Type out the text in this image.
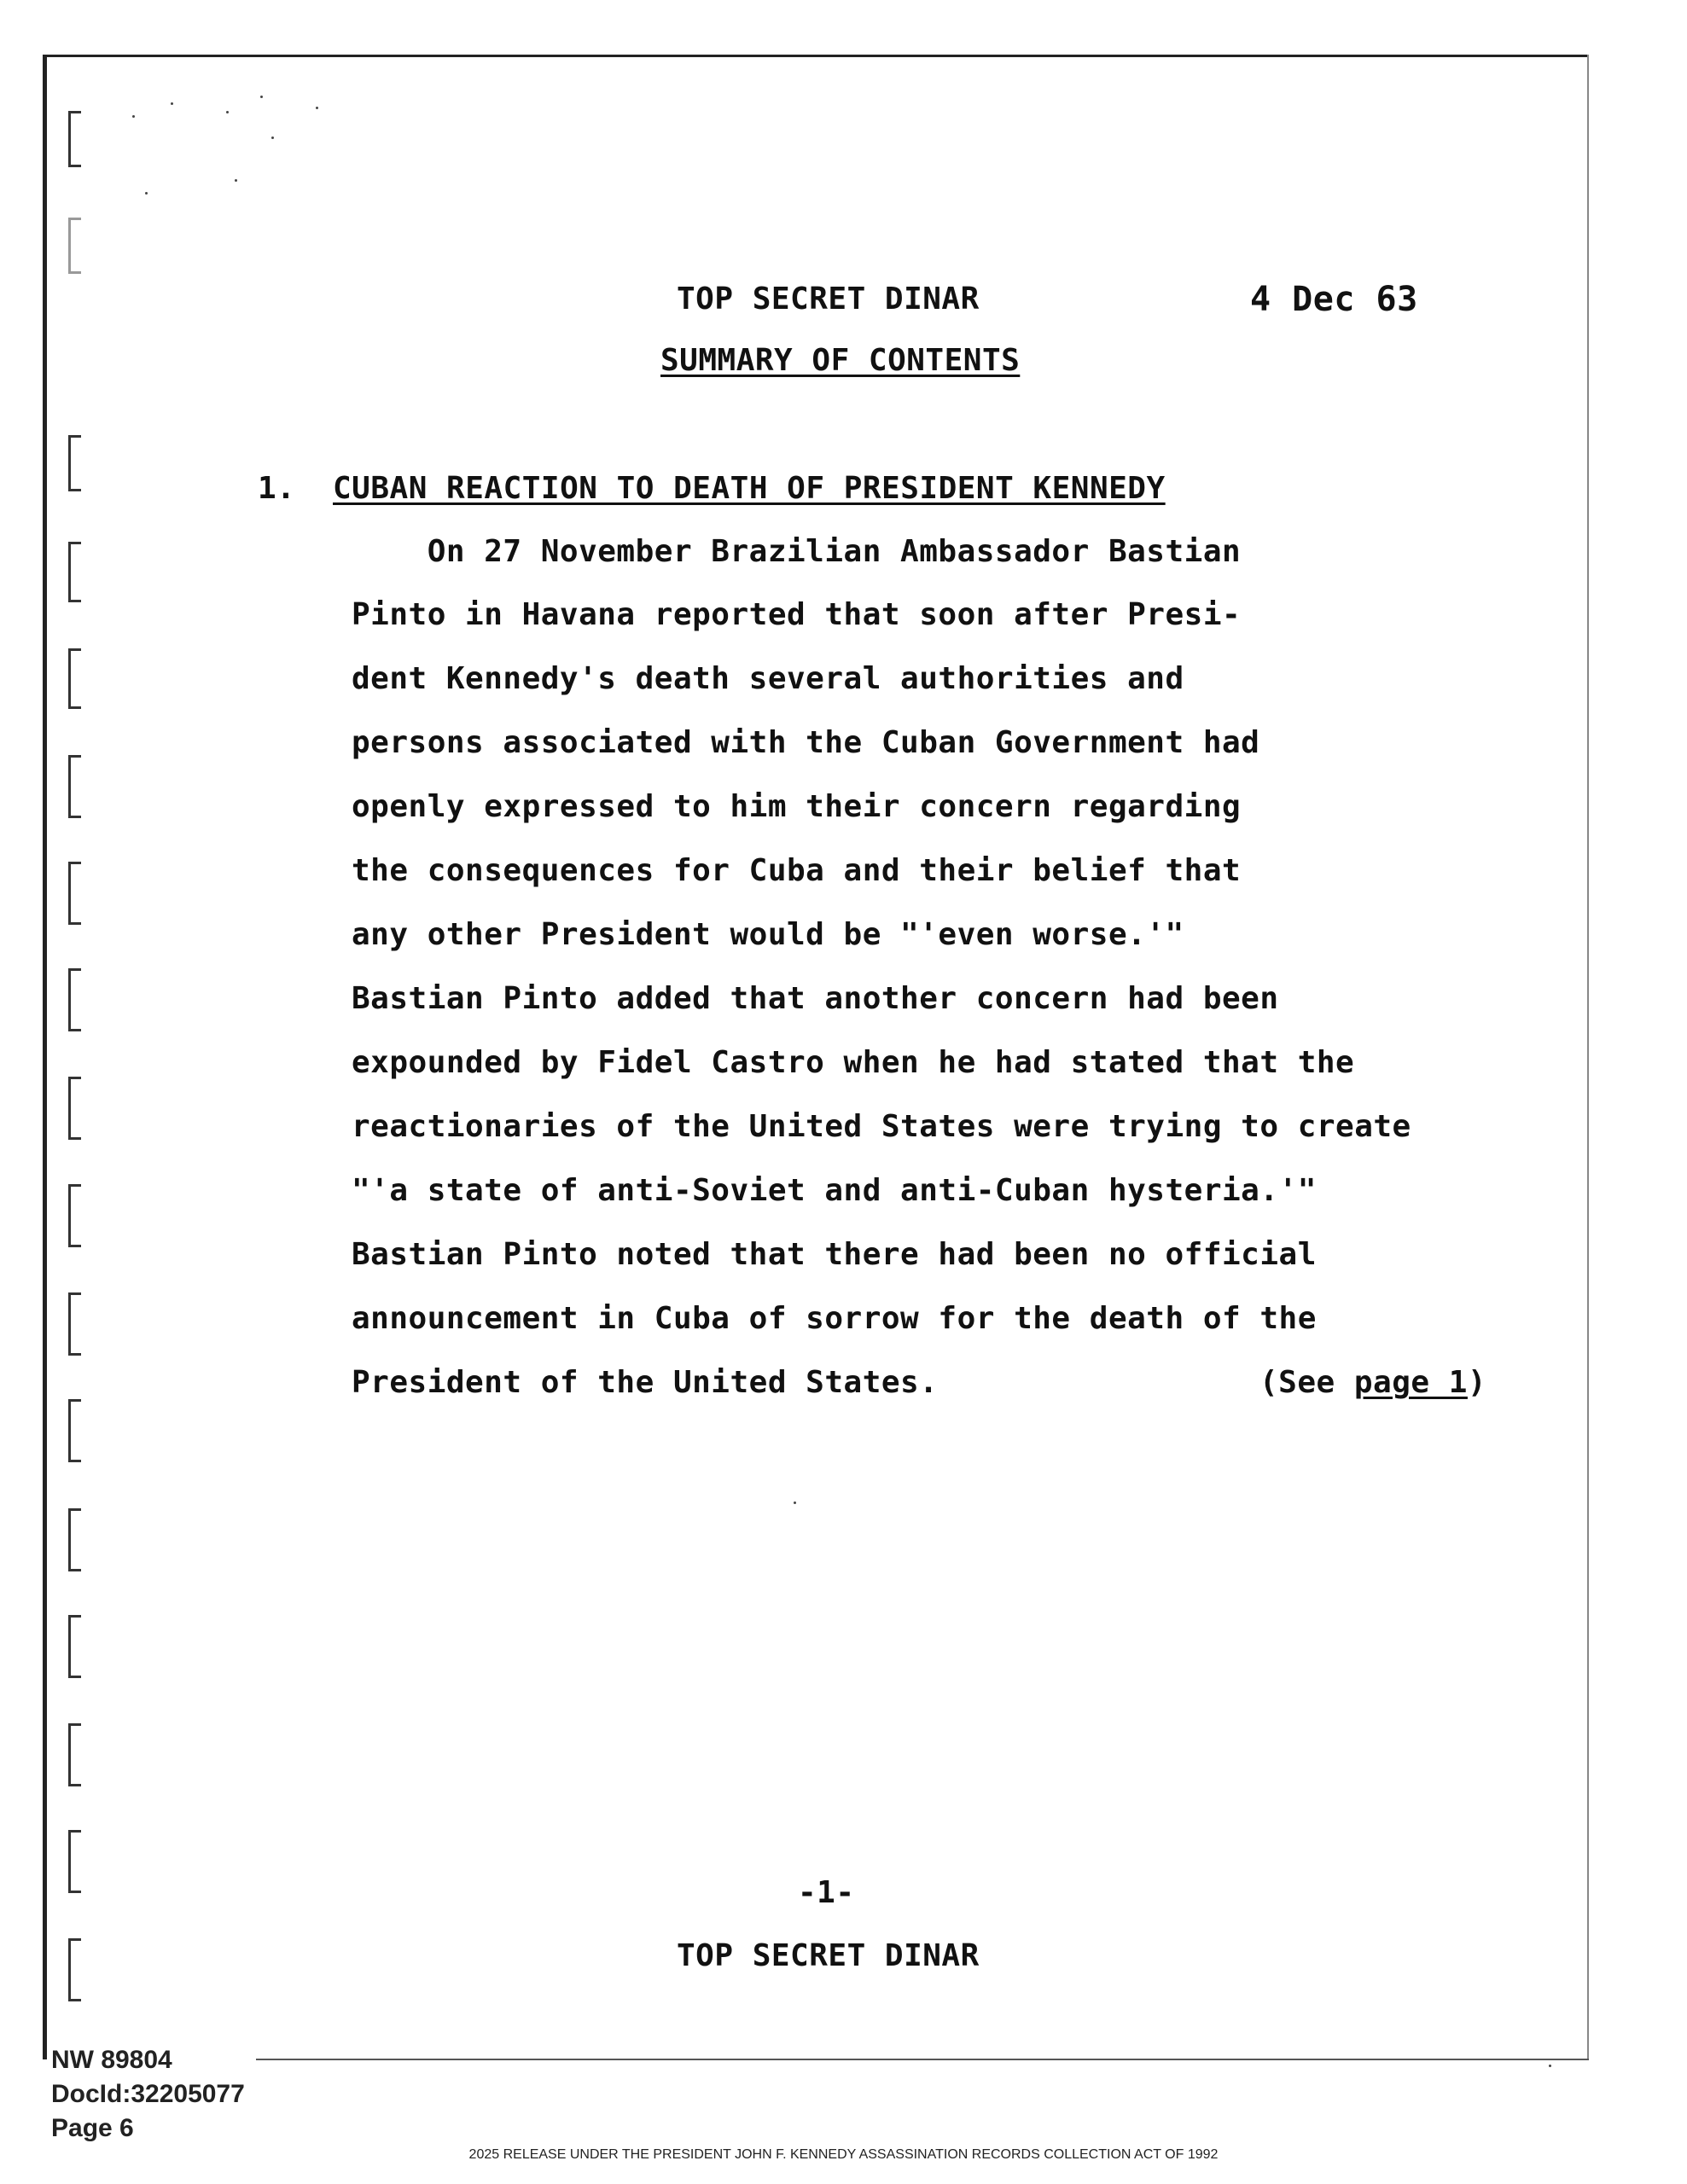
TOP SECRET DINAR	4 Dec 63
SUMMARY OF CONTENTS
1. CUBAN REACTION TO DEATH OF PRESIDENT KENNEDY
On 27 November Brazilian Ambassador Bastian
Pinto in Havana reported that soon after Presi-
dent Kennedy's death several authorities and
persons associated with the Cuban Government had
openly expressed to him their concern regarding
the consequences for Cuba and their belief that
any other President would be "'even worse.'"
Bastian Pinto added that another concern had been
expounded by Fidel Castro when he had stated that the
reactionaries of the United States were trying to create
"'a state of anti-Soviet and anti-Cuban hysteria.'"
Bastian Pinto noted that there had been no official
announcement in Cuba of sorrow for the death of the
President of the United States.	(See page 1)
-1-
TOP SECRET DINAR
NW 89804
DocId:32205077
Page 6
2025 RELEASE UNDER THE PRESIDENT JOHN F. KENNEDY ASSASSINATION RECORDS COLLECTION ACT OF 1992
